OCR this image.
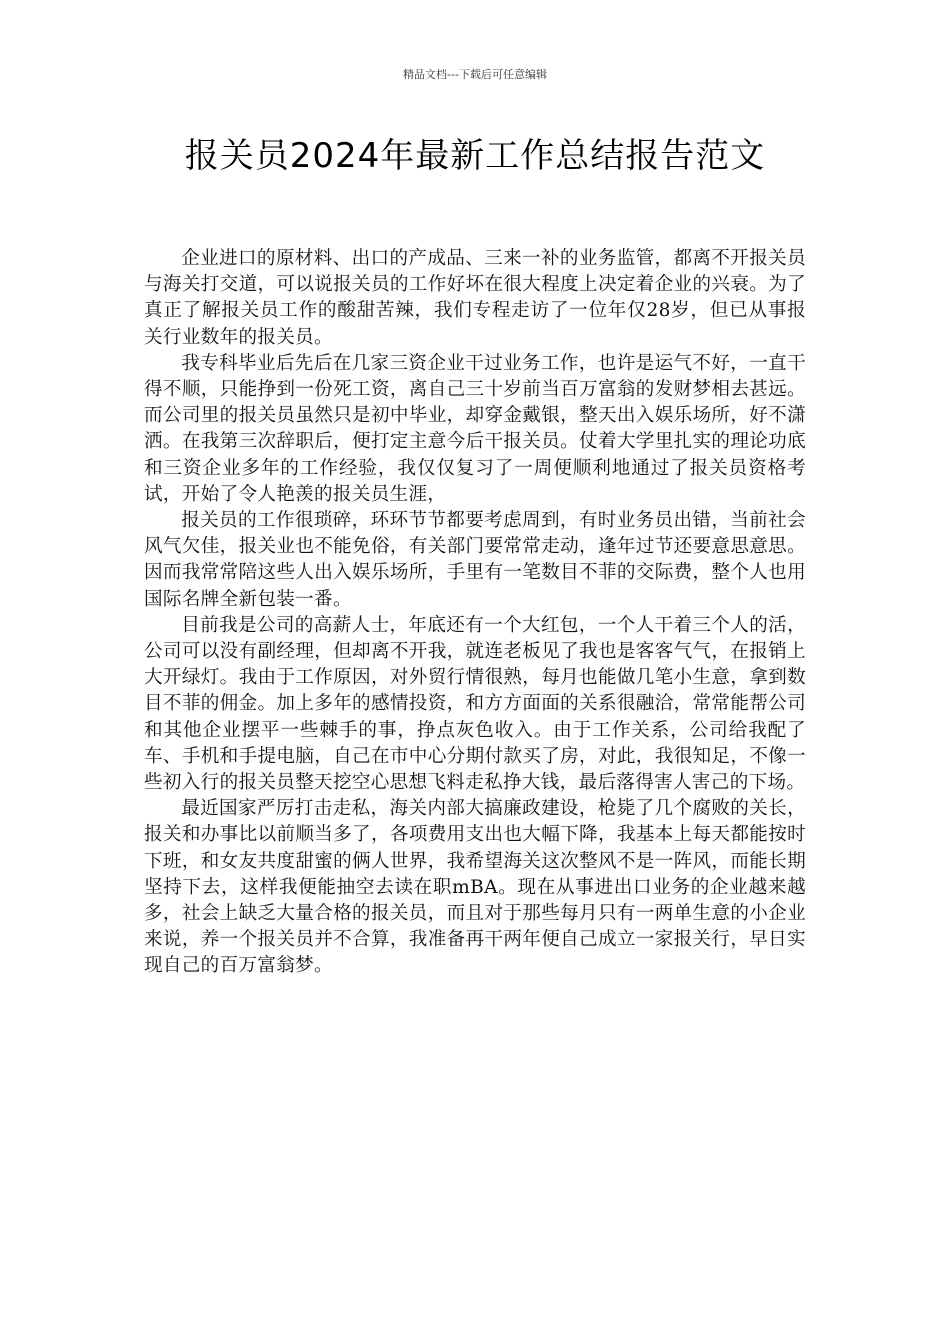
精品文档---下载后可任意编辑
报关员2024年最新工作总结报告范文

企业进口的原材料、出口的产成品、三来一补的业务监管，都离不开报关员与海关打交道，可以说报关员的工作好坏在很大程度上决定着企业的兴衰。为了真正了解报关员工作的酸甜苦辣，我们专程走访了一位年仅28岁，但已从事报关行业数年的报关员。

我专科毕业后先后在几家三资企业干过业务工作，也许是运气不好，一直干得不顺，只能挣到一份死工资，离自己三十岁前当百万富翁的发财梦相去甚远。而公司里的报关员虽然只是初中毕业，却穿金戴银，整天出入娱乐场所，好不潇洒。在我第三次辞职后，便打定主意今后干报关员。仗着大学里扎实的理论功底和三资企业多年的工作经验，我仅仅复习了一周便顺利地通过了报关员资格考试，开始了令人艳羡的报关员生涯，

报关员的工作很琐碎，环环节节都要考虑周到，有时业务员出错，当前社会风气欠佳，报关业也不能免俗，有关部门要常常走动，逢年过节还要意思意思。因而我常常陪这些人出入娱乐场所，手里有一笔数目不菲的交际费，整个人也用国际名牌全新包装一番。

目前我是公司的高薪人士，年底还有一个大红包，一个人干着三个人的活，公司可以没有副经理，但却离不开我，就连老板见了我也是客客气气，在报销上大开绿灯。我由于工作原因，对外贸行情很熟，每月也能做几笔小生意，拿到数目不菲的佣金。加上多年的感情投资，和方方面面的关系很融洽，常常能帮公司和其他企业摆平一些棘手的事，挣点灰色收入。由于工作关系，公司给我配了车、手机和手提电脑，自己在市中心分期付款买了房，对此，我很知足，不像一些初入行的报关员整天挖空心思想飞料走私挣大钱，最后落得害人害己的下场。

最近国家严厉打击走私，海关内部大搞廉政建设，枪毙了几个腐败的关长，报关和办事比以前顺当多了，各项费用支出也大幅下降，我基本上每天都能按时下班，和女友共度甜蜜的俩人世界，我希望海关这次整风不是一阵风，而能长期坚持下去，这样我便能抽空去读在职mBA。现在从事进出口业务的企业越来越多，社会上缺乏大量合格的报关员，而且对于那些每月只有一两单生意的小企业来说，养一个报关员并不合算，我准备再干两年便自己成立一家报关行，早日实现自己的百万富翁梦。
